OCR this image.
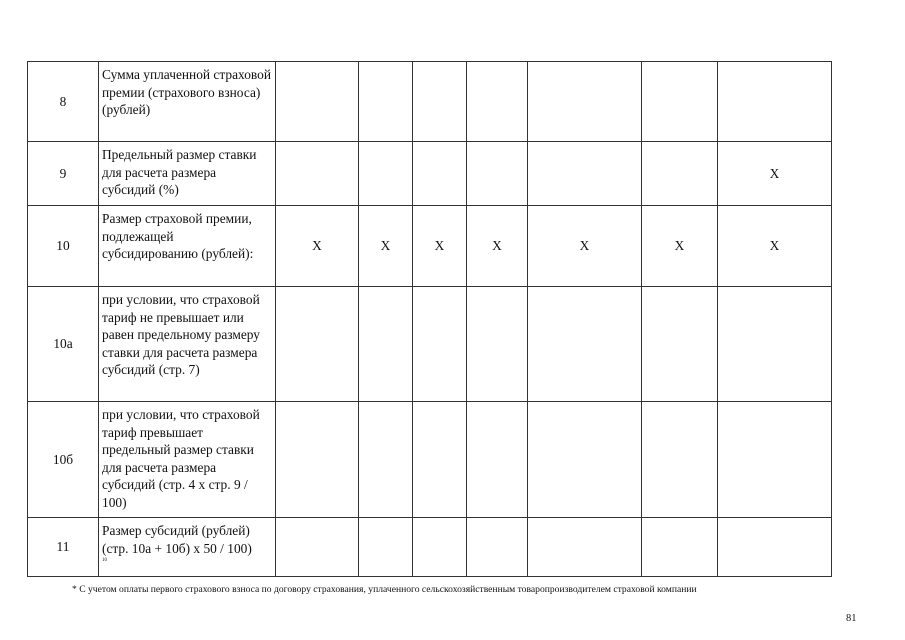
8	Сумма уплаченной страховой премии (страхового взноса) (рублей)							
9	Предельный размер ставки для расчета размера субсидий (%)							X
10	Размер страховой премии, подлежащей субсидированию (рублей):	X	X	X	X	X	X	X
10а	при условии, что страховой тариф не превышает или равен предельному размеру ставки для расчета размера субсидий (стр. 7)							
10б	при условии, что страховой тариф превышает предельный размер ставки для расчета размера субсидий (стр. 4 х стр. 9 / 100)							
11	Размер субсидий (рублей) (стр. 10а + 10б) х 50 / 100)
10							

* С учетом оплаты первого страхового взноса по договору страхования, уплаченного сельскохозяйственным товаропроизводителем страховой компании
81
